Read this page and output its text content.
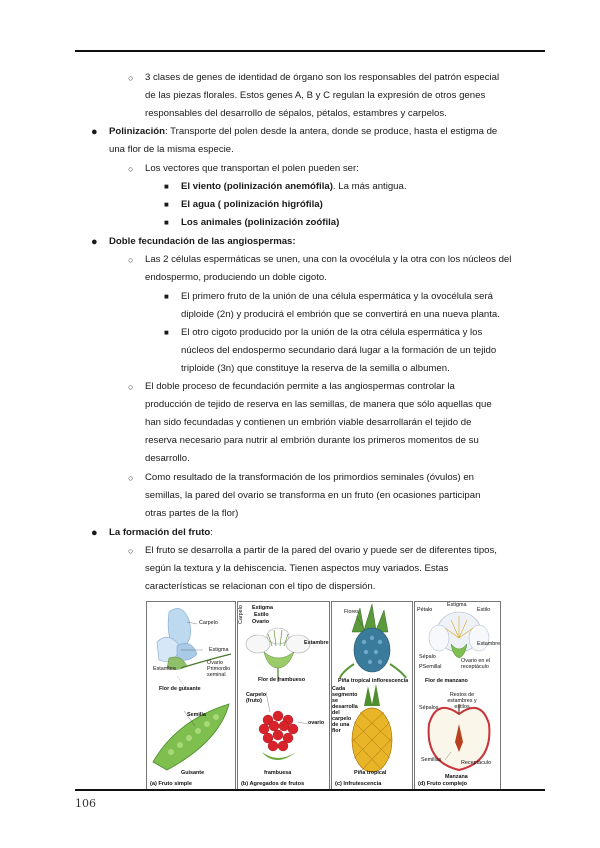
○ 3 clases de genes de identidad de órgano son los responsables del patrón especial
de las piezas florales. Estos genes A, B y C regulan la expresión de otros genes
responsables del desarrollo de sépalos, pétalos, estambres y carpelos.
● Polinización: Transporte del polen desde la antera, donde se produce, hasta el estigma de
una flor de la misma especie.
○ Los vectores que transportan el polen pueden ser:
■ El viento (polinización anemófila). La más antigua.
■ El agua ( polinización higrófila)
■ Los animales (polinización zoófila)
● Doble fecundación de las angiospermas:
○ Las 2 células espermáticas se unen, una con la ovocélula y la otra con los núcleos del
endospermo, produciendo un doble cigoto.
■ El primero fruto de la unión de una célula espermática y la ovocélula será
diploide (2n) y producirá el embrión que se convertirá en una nueva planta.
■ El otro cigoto producido por la unión de la otra célula espermática y los
núcleos del endospermo secundario dará lugar a la formación de un tejido
triploide (3n) que constituye la reserva de la semilla o albumen.
○ El doble proceso de fecundación permite a las angiospermas controlar la
producción de tejido de reserva en las semillas, de manera que sólo aquellas que
han sido fecundadas y contienen un embrión viable desarrollarán el tejido de
reserva necesario para nutrir al embrión durante los primeros momentos de su
desarrollo.
○ Como resultado de la transformación de los primordios seminales (óvulos) en
semillas, la pared del ovario se transforma en un fruto (en ocasiones participan
otras partes de la flor)
● La formación del fruto:
○ El fruto se desarrolla a partir de la pared del ovario y puede ser de diferentes tipos,
según la textura y la dehiscencia. Tienen aspectos muy variados. Estas
características se relacionan con el tipo de dispersión.
Carpelo
Estigma
Estambre
Ovario
Primordio seminal
Flor de guisante
Semilla
Guisante
(a) Fruto simple
Carpelo Estigma
Estilo
Ovario
Estambre
Flor de frambueso
Carpelo (fruto)
ovario
frambuesa
(b) Agregados de frutos
Flores
Piña tropical inflorescencia
Cada segmento se desarrolla del carpelo de una flor
Piña tropical
(c) Infrutescencia
Pétalo
Estigma
Estilo
Estambre
Sépalo
PSemillal
Ovario en el receptáculo
Flor de manzano
Restos de estambres y estilos
Sépalos
Semillas	Receptáculo
Manzana
(d) Fruto complejo
106
